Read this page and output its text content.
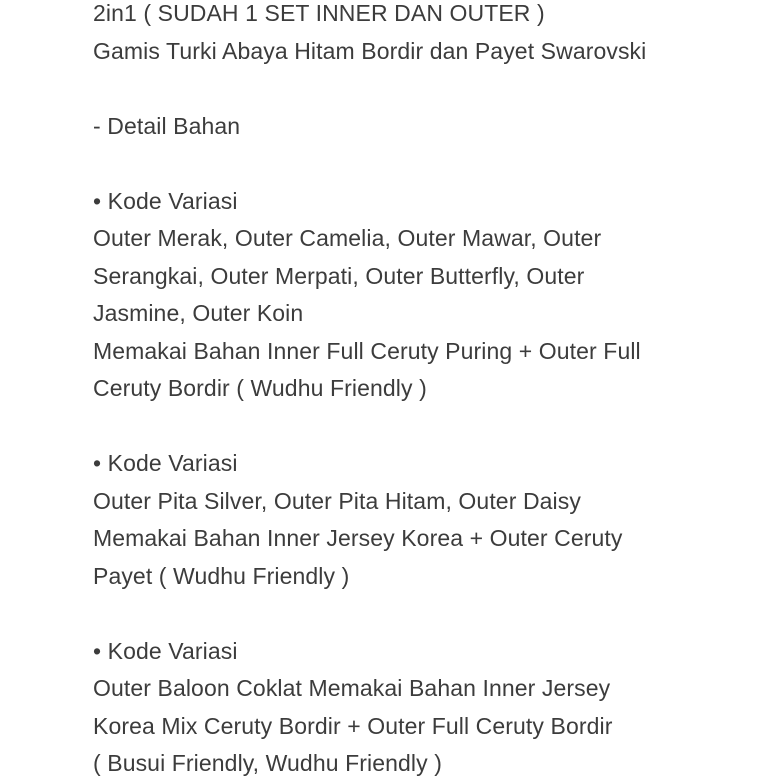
2in1 ( SUDAH 1 SET INNER DAN OUTER )
Gamis Turki Abaya Hitam Bordir dan Payet Swarovski
- Detail Bahan
• Kode Variasi
Outer Merak, Outer Camelia, Outer Mawar, Outer
Serangkai, Outer Merpati, Outer Butterfly, Outer
Jasmine, Outer Koin
Memakai Bahan Inner Full Ceruty Puring + Outer Full
Ceruty Bordir ( Wudhu Friendly )
• Kode Variasi
Outer Pita Silver, Outer Pita Hitam, Outer Daisy
Memakai Bahan Inner Jersey Korea + Outer Ceruty
Payet ( Wudhu Friendly )
• Kode Variasi
Outer Baloon Coklat Memakai Bahan Inner Jersey
Korea Mix Ceruty Bordir + Outer Full Ceruty Bordir
( Busui Friendly, Wudhu Friendly )
